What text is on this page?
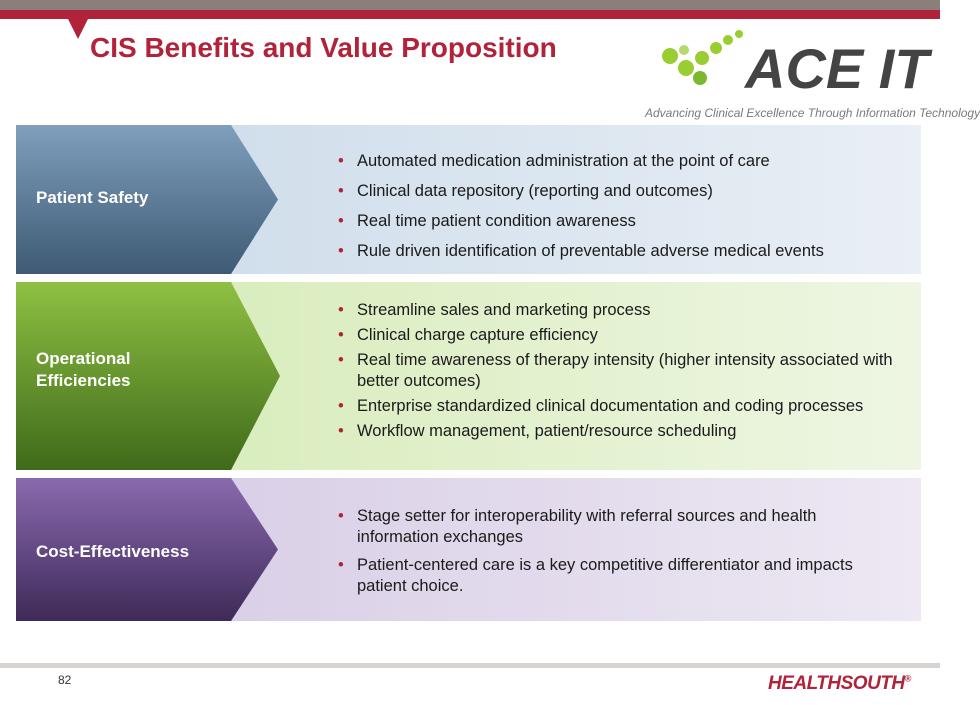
CIS Benefits and Value Proposition	ACE IT
Advancing Clinical Excellence Through Information Technology

Patient Safety

• Automated medication administration at the point of care
• Clinical data repository (reporting and outcomes)
• Real time patient condition awareness
• Rule driven identification of preventable adverse medical events

Operational Efficiencies

• Streamline sales and marketing process
• Clinical charge capture efficiency
• Real time awareness of therapy intensity (higher intensity associated with better outcomes)
• Enterprise standardized clinical documentation and coding processes
• Workflow management, patient/resource scheduling

Cost-Effectiveness

• Stage setter for interoperability with referral sources and health information exchanges
• Patient-centered care is a key competitive differentiator and impacts patient choice.
82	HEALTHSOUTH®
